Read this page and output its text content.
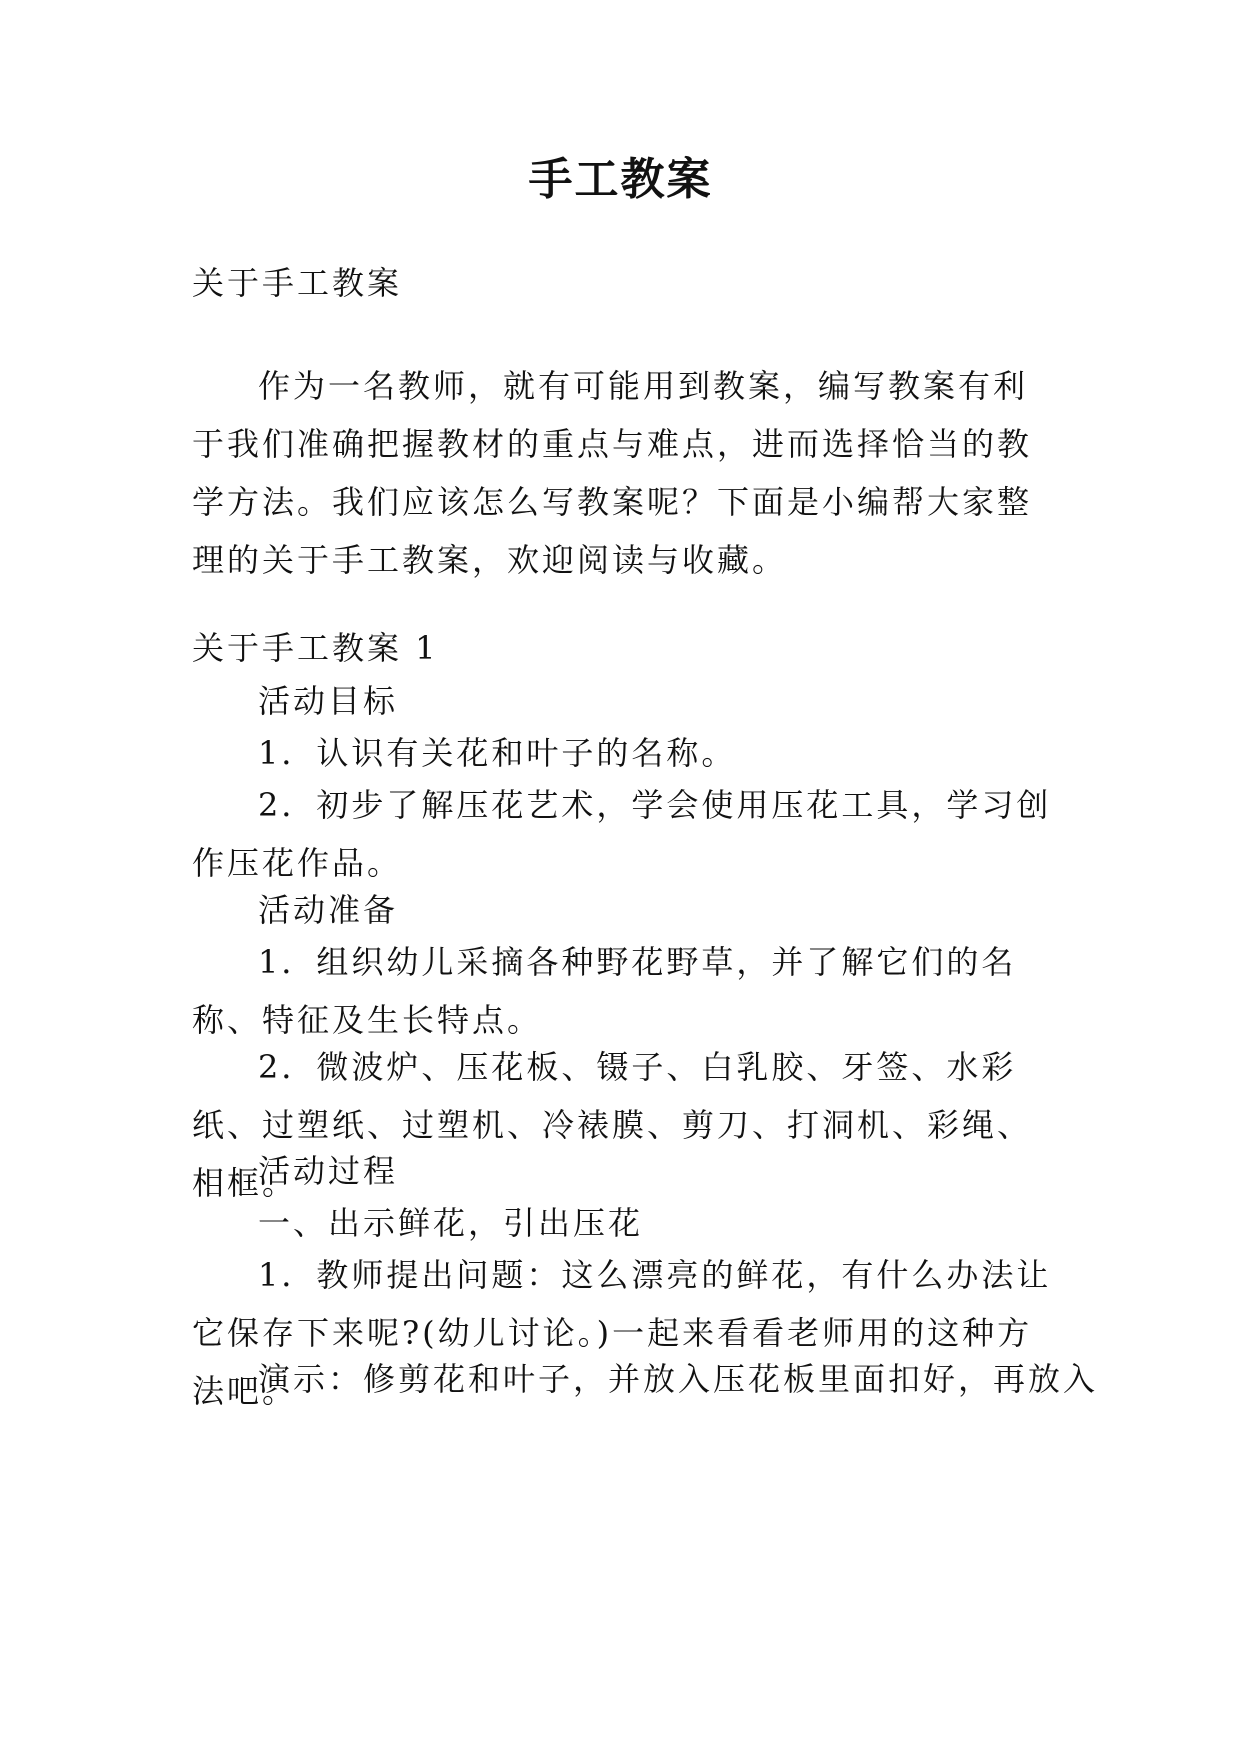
手工教案
关于手工教案

作为一名教师，就有可能用到教案，编写教案有利于我们准确把握教材的重点与难点，进而选择恰当的教学方法。我们应该怎么写教案呢？下面是小编帮大家整理的关于手工教案，欢迎阅读与收藏。

关于手工教案 1
活动目标
1．认识有关花和叶子的名称。

2．初步了解压花艺术，学会使用压花工具，学习创作压花作品。

活动准备

1．组织幼儿采摘各种野花野草，并了解它们的名称、特征及生长特点。

2．微波炉、压花板、镊子、白乳胶、牙签、水彩纸、过塑纸、过塑机、冷裱膜、剪刀、打洞机、彩绳、相框。

活动过程
一、出示鲜花，引出压花

1．教师提出问题：这么漂亮的鲜花，有什么办法让它保存下来呢?(幼儿讨论。)一起来看看老师用的这种方法吧。

演示：修剪花和叶子，并放入压花板里面扣好，再放入
